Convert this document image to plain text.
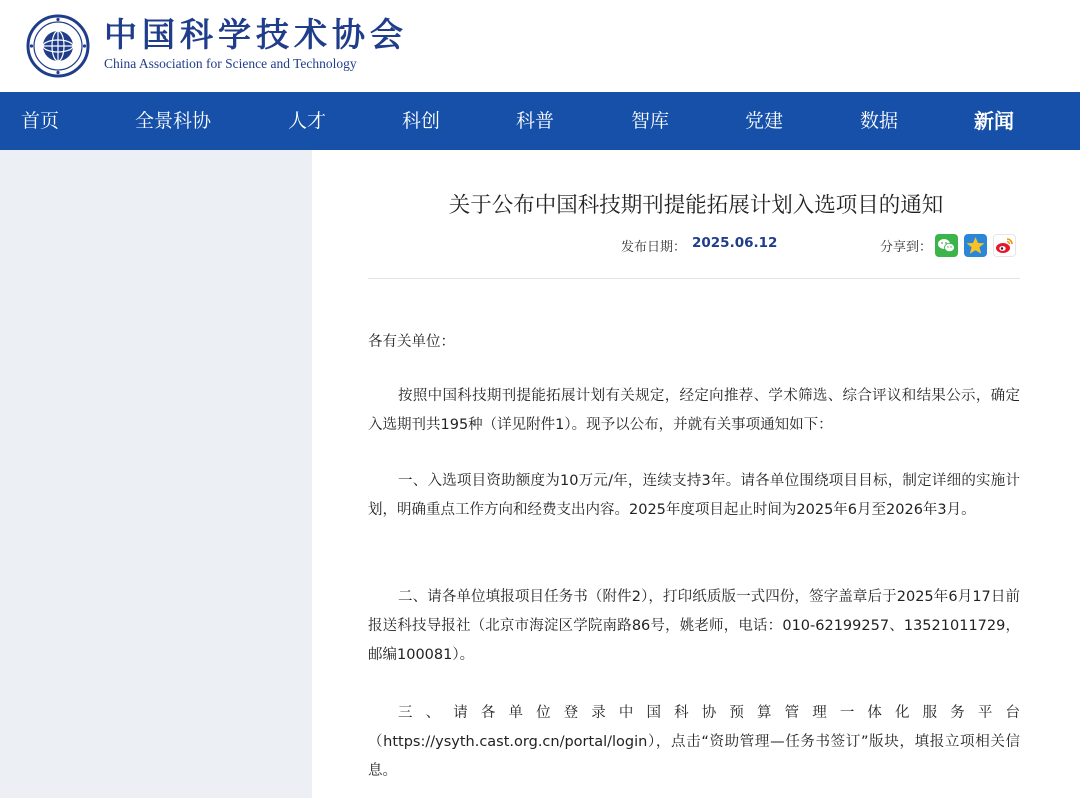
中国科学技术协会
China Association for Science and Technology
首页	全景科协	人才	科创	科普	智库	党建	数据	新闻
关于公布中国科技期刊提能拓展计划入选项目的通知
发布日期： 2025.06.12	分享到：

各有关单位：

按照中国科技期刊提能拓展计划有关规定，经定向推荐、学术筛选、综合评议和结果公示，确定入选期刊共195种（详见附件1）。现予以公布，并就有关事项通知如下：

一、入选项目资助额度为10万元/年，连续支持3年。请各单位围绕项目目标，制定详细的实施计划，明确重点工作方向和经费支出内容。2025年度项目起止时间为2025年6月至2026年3月。

二、请各单位填报项目任务书（附件2），打印纸质版一式四份，签字盖章后于2025年6月17日前报送科技导报社（北京市海淀区学院南路86号，姚老师，电话：010-62199257、13521011729，邮编100081）。

三、请各单位登录中国科协预算管理一体化服务平台（https://ysyth.cast.org.cn/portal/login），点击“资助管理—任务书签订”版块，填报立项相关信息。
